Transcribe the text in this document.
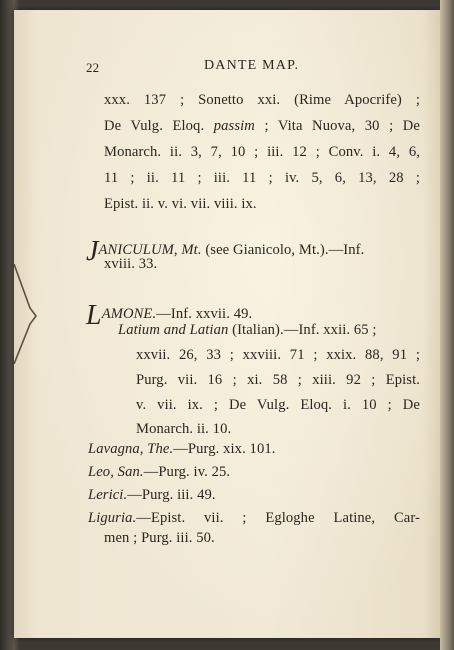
22	DANTE MAP.
xxx. 137 ; Sonetto xxi. (Rime Apocrife) ;
De Vulg. Eloq. passim ; Vita Nuova, 30 ; De
Monarch. ii. 3, 7, 10 ; iii. 12 ; Conv. i. 4, 6,
11 ; ii. 11 ; iii. 11 ; iv. 5, 6, 13, 28 ;
Epist. ii. v. vi. vii. viii. ix.
JANICULUM, Mt. (see Gianicolo, Mt.).—Inf.
xviii. 33.
LAMONE.—Inf. xxvii. 49.
Latium and Latian (Italian).—Inf. xxii. 65 ;
xxvii. 26, 33 ; xxviii. 71 ; xxix. 88, 91 ;
Purg. vii. 16 ; xi. 58 ; xiii. 92 ; Epist.
v. vii. ix. ; De Vulg. Eloq. i. 10 ; De
Monarch. ii. 10.
Lavagna, The.—Purg. xix. 101.
Leo, San.—Purg. iv. 25.
Lerici.—Purg. iii. 49.
Liguria.—Epist. vii. ; Egloghe Latine, Car-
men ; Purg. iii. 50.
